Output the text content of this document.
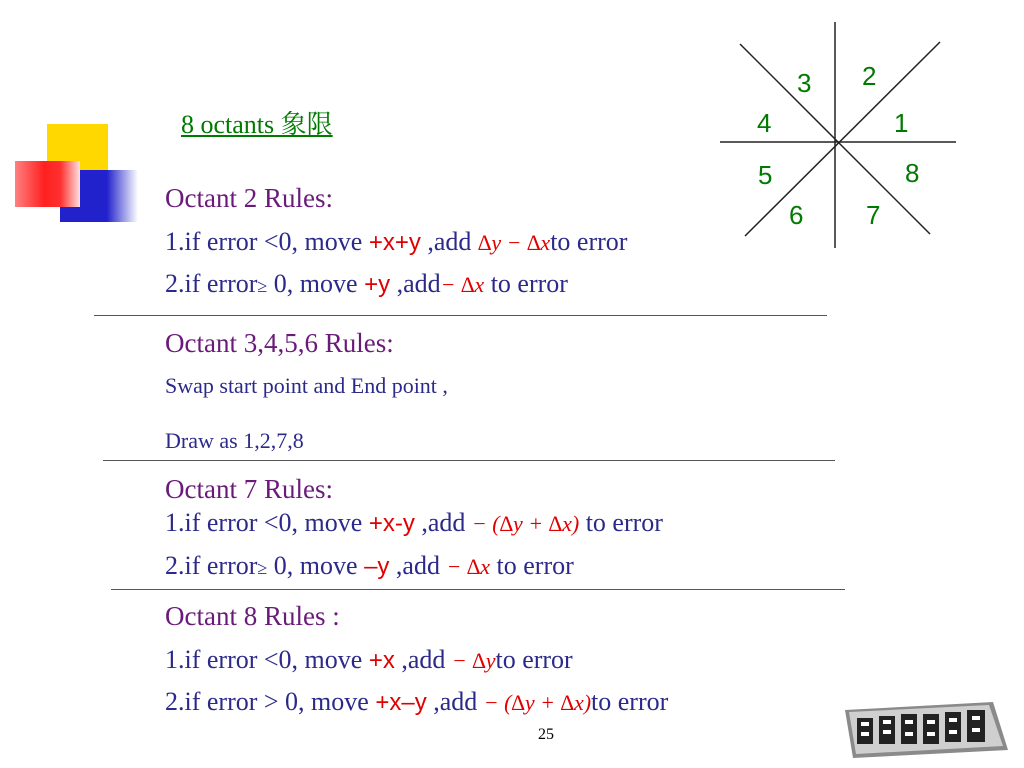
8 octants 象限	1
2
3
4
5
6 7
8
Octant 2 Rules:
1.if error <0, move +x+y ,add ∆y − ∆xto error
2.if error≥ 0, move +y ,add− ∆x to error
Octant 3,4,5,6 Rules:
Swap start point and End point ,
Draw as 1,2,7,8
Octant 7 Rules:
1.if error <0, move +x-y ,add − (∆y + ∆x) to error
2.if error≥ 0, move –y ,add − ∆x to error
Octant 8 Rules :
1.if error <0, move +x ,add − ∆yto error
2.if error > 0, move +x–y ,add − (∆y + ∆x)to error
25
